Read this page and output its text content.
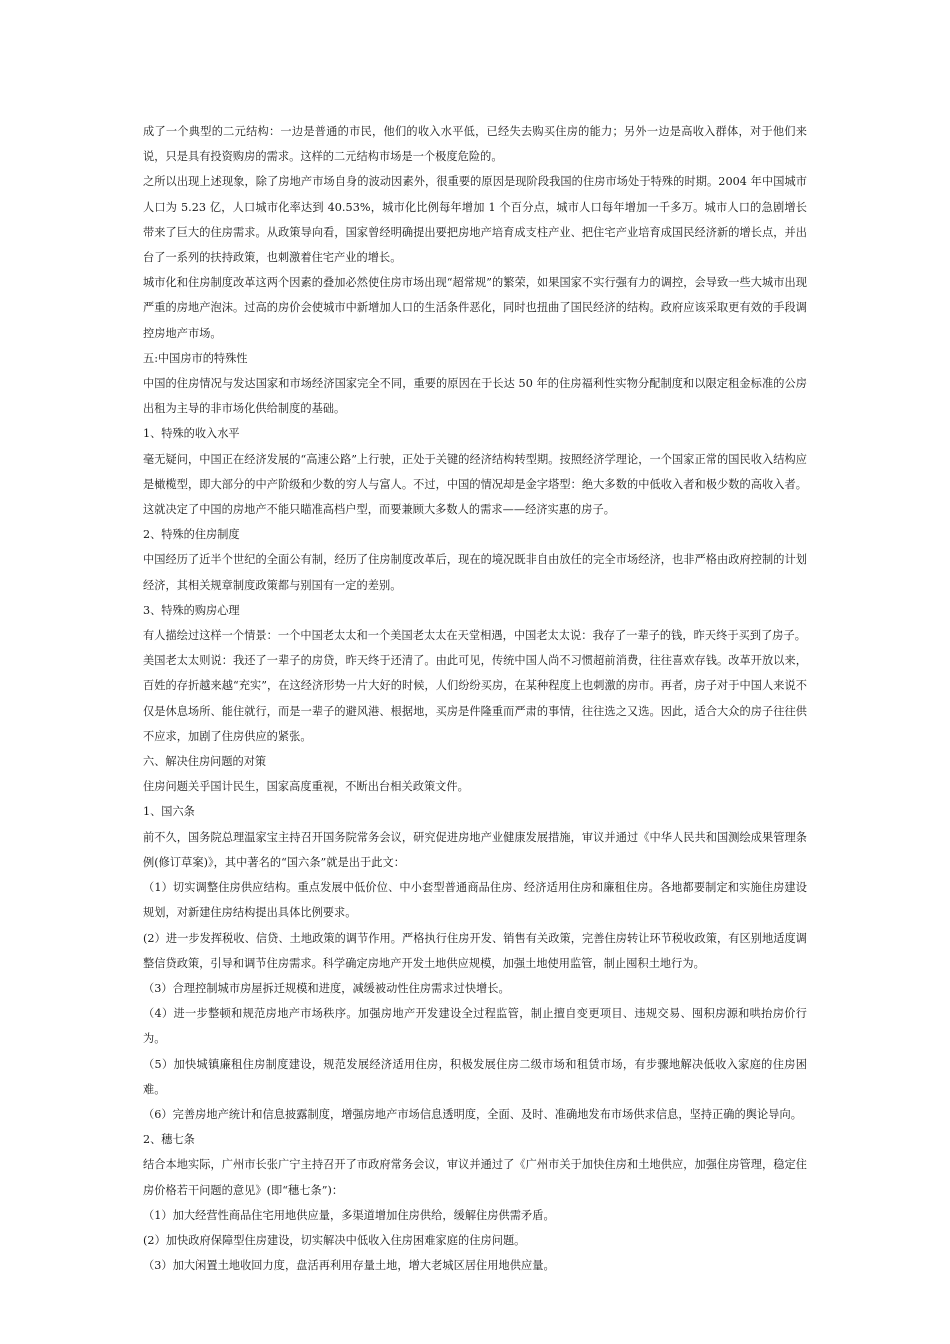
成了一个典型的二元结构：一边是普通的市民，他们的收入水平低，已经失去购买住房的能力；另外一边是高收入群体，对于他们来说，只是具有投资购房的需求。这样的二元结构市场是一个极度危险的。

之所以出现上述现象，除了房地产市场自身的波动因素外，很重要的原因是现阶段我国的住房市场处于特殊的时期。2004 年中国城市人口为 5.23 亿，人口城市化率达到 40.53%，城市化比例每年增加 1 个百分点，城市人口每年增加一千多万。城市人口的急剧增长带来了巨大的住房需求。从政策导向看，国家曾经明确提出要把房地产培育成支柱产业、把住宅产业培育成国民经济新的增长点，并出台了一系列的扶持政策，也刺激着住宅产业的增长。

城市化和住房制度改革这两个因素的叠加必然使住房市场出现“超常规”的繁荣，如果国家不实行强有力的调控，会导致一些大城市出现严重的房地产泡沫。过高的房价会使城市中新增加人口的生活条件恶化，同时也扭曲了国民经济的结构。政府应该采取更有效的手段调控房地产市场。

五:中国房市的特殊性

中国的住房情况与发达国家和市场经济国家完全不同，重要的原因在于长达 50 年的住房福利性实物分配制度和以限定租金标准的公房出租为主导的非市场化供给制度的基础。

1、特殊的收入水平

毫无疑问，中国正在经济发展的“高速公路”上行驶，正处于关键的经济结构转型期。按照经济学理论，一个国家正常的国民收入结构应是橄榄型，即大部分的中产阶级和少数的穷人与富人。不过，中国的情况却是金字塔型：绝大多数的中低收入者和极少数的高收入者。这就决定了中国的房地产不能只瞄准高档户型，而要兼顾大多数人的需求——经济实惠的房子。

2、特殊的住房制度

中国经历了近半个世纪的全面公有制，经历了住房制度改革后，现在的境况既非自由放任的完全市场经济，也非严格由政府控制的计划经济，其相关规章制度政策都与别国有一定的差别。

3、特殊的购房心理

有人描绘过这样一个情景：一个中国老太太和一个美国老太太在天堂相遇，中国老太太说：我存了一辈子的钱，昨天终于买到了房子。

美国老太太则说：我还了一辈子的房贷，昨天终于还清了。由此可见，传统中国人尚不习惯超前消费，往往喜欢存钱。改革开放以来，百姓的存折越来越“充实”，在这经济形势一片大好的时候，人们纷纷买房，在某种程度上也刺激的房市。再者，房子对于中国人来说不仅是休息场所、能住就行，而是一辈子的避风港、根据地，买房是件隆重而严肃的事情，往往选之又选。因此，适合大众的房子往往供不应求，加剧了住房供应的紧张。

六、解决住房问题的对策

住房问题关乎国计民生，国家高度重视，不断出台相关政策文件。

1、国六条

前不久，国务院总理温家宝主持召开国务院常务会议，研究促进房地产业健康发展措施，审议并通过《中华人民共和国测绘成果管理条例(修订草案)》，其中著名的“国六条”就是出于此文：

（1）切实调整住房供应结构。重点发展中低价位、中小套型普通商品住房、经济适用住房和廉租住房。各地都要制定和实施住房建设规划，对新建住房结构提出具体比例要求。

(2）进一步发挥税收、信贷、土地政策的调节作用。严格执行住房开发、销售有关政策，完善住房转让环节税收政策，有区别地适度调整信贷政策，引导和调节住房需求。科学确定房地产开发土地供应规模，加强土地使用监管，制止囤积土地行为。

（3）合理控制城市房屋拆迁规模和进度，减缓被动性住房需求过快增长。

（4）进一步整顿和规范房地产市场秩序。加强房地产开发建设全过程监管，制止擅自变更项目、违规交易、囤积房源和哄抬房价行为。

（5）加快城镇廉租住房制度建设，规范发展经济适用住房，积极发展住房二级市场和租赁市场，有步骤地解决低收入家庭的住房困难。

（6）完善房地产统计和信息披露制度，增强房地产市场信息透明度，全面、及时、准确地发布市场供求信息，坚持正确的舆论导向。

2、穗七条

结合本地实际，广州市长张广宁主持召开了市政府常务会议，审议并通过了《广州市关于加快住房和土地供应，加强住房管理，稳定住房价格若干问题的意见》(即“穗七条”)：

（1）加大经营性商品住宅用地供应量，多渠道增加住房供给，缓解住房供需矛盾。

(2）加快政府保障型住房建设，切实解决中低收入住房困难家庭的住房问题。

（3）加大闲置土地收回力度，盘活再利用存量土地，增大老城区居住用地供应量。
